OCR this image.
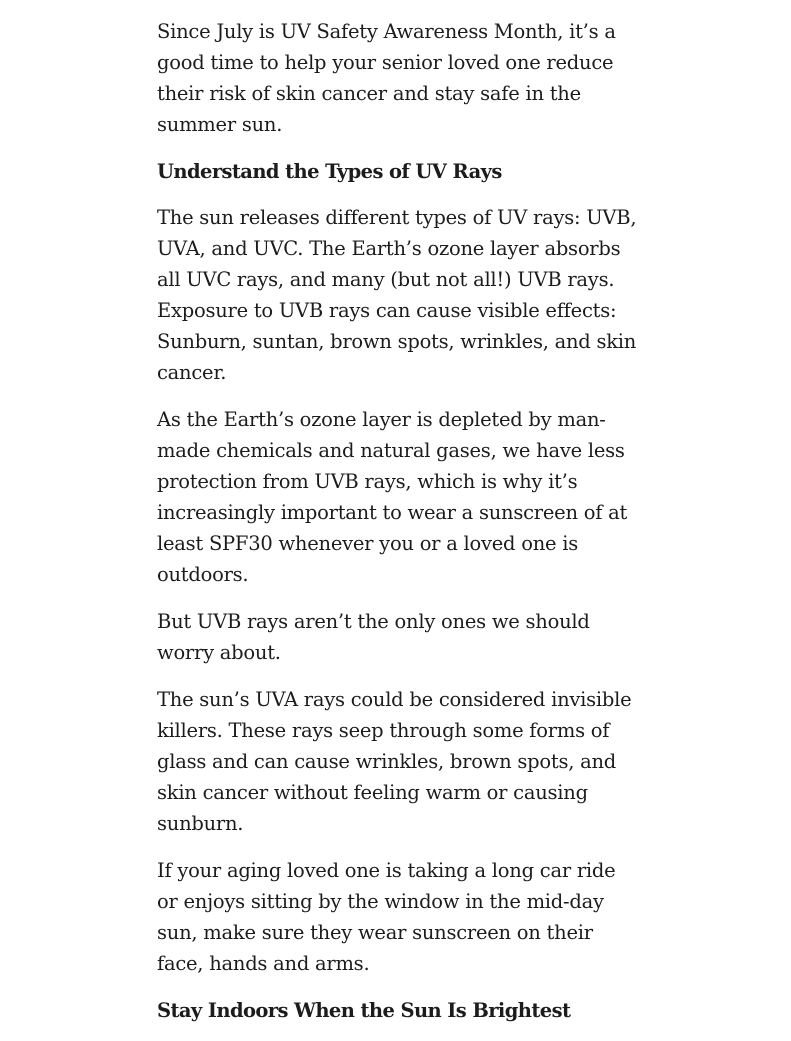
Since July is UV Safety Awareness Month, it’s a good time to help your senior loved one reduce their risk of skin cancer and stay safe in the summer sun.

Understand the Types of UV Rays

The sun releases different types of UV rays: UVB, UVA, and UVC. The Earth’s ozone layer absorbs all UVC rays, and many (but not all!) UVB rays. Exposure to UVB rays can cause visible effects: Sunburn, suntan, brown spots, wrinkles, and skin cancer.

As the Earth’s ozone layer is depleted by man-made chemicals and natural gases, we have less protection from UVB rays, which is why it’s increasingly important to wear a sunscreen of at least SPF30 whenever you or a loved one is outdoors.

But UVB rays aren’t the only ones we should worry about.

The sun’s UVA rays could be considered invisible killers. These rays seep through some forms of glass and can cause wrinkles, brown spots, and skin cancer without feeling warm or causing sunburn.

If your aging loved one is taking a long car ride or enjoys sitting by the window in the mid-day sun, make sure they wear sunscreen on their face, hands and arms.

Stay Indoors When the Sun Is Brightest
